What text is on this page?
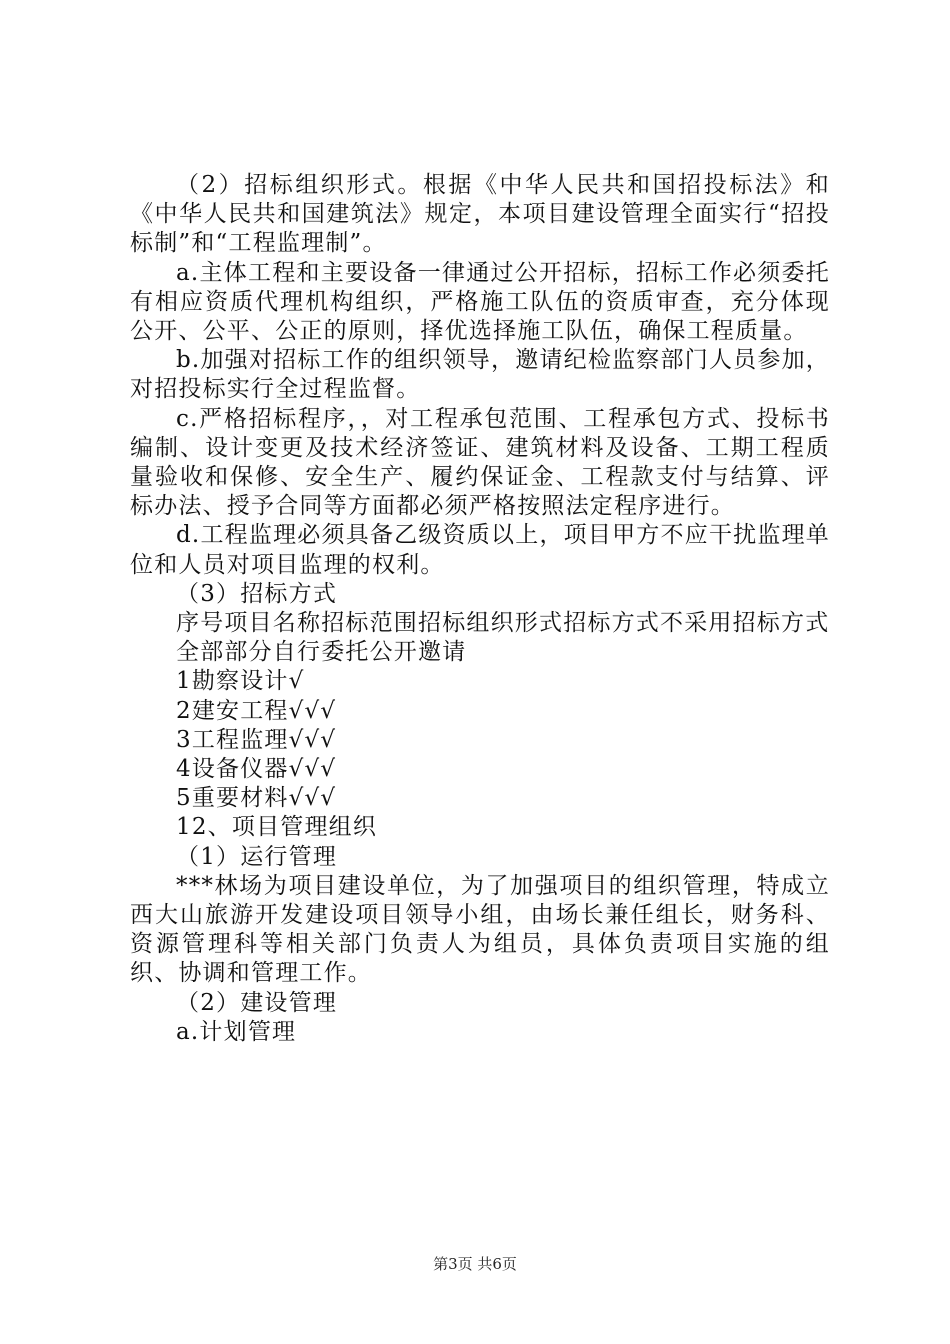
（2）招标组织形式。根据《中华人民共和国招投标法》和《中华人民共和国建筑法》规定，本项目建设管理全面实行“招投标制”和“工程监理制”。

a.主体工程和主要设备一律通过公开招标，招标工作必须委托有相应资质代理机构组织，严格施工队伍的资质审查，充分体现公开、公平、公正的原则，择优选择施工队伍，确保工程质量。

b.加强对招标工作的组织领导，邀请纪检监察部门人员参加，对招投标实行全过程监督。

c.严格招标程序，，对工程承包范围、工程承包方式、投标书编制、设计变更及技术经济签证、建筑材料及设备、工期工程质量验收和保修、安全生产、履约保证金、工程款支付与结算、评标办法、授予合同等方面都必须严格按照法定程序进行。

d.工程监理必须具备乙级资质以上，项目甲方不应干扰监理单位和人员对项目监理的权利。

（3）招标方式

序号项目名称招标范围招标组织形式招标方式不采用招标方式

全部部分自行委托公开邀请

1勘察设计√

2建安工程√√√

3工程监理√√√

4设备仪器√√√

5重要材料√√√

12、项目管理组织

（1）运行管理

***林场为项目建设单位，为了加强项目的组织管理，特成立西大山旅游开发建设项目领导小组，由场长兼任组长，财务科、资源管理科等相关部门负责人为组员，具体负责项目实施的组织、协调和管理工作。

（2）建设管理

a.计划管理

第3页 共6页
